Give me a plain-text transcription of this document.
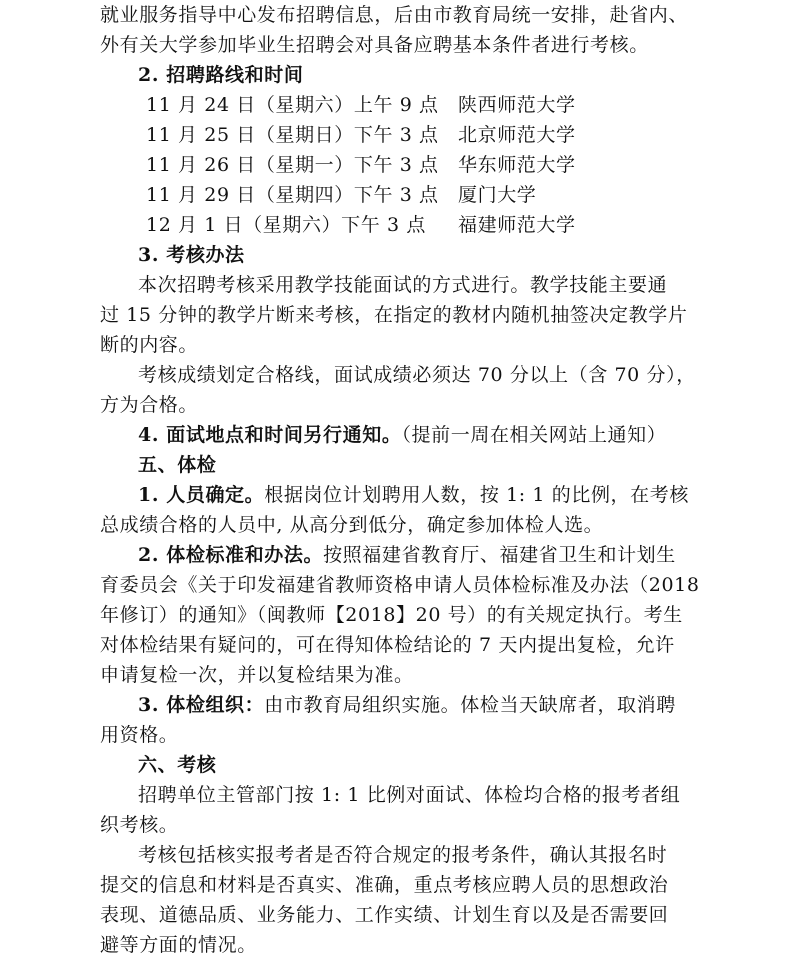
就业服务指导中心发布招聘信息，后由市教育局统一安排，赴省内、
外有关大学参加毕业生招聘会对具备应聘基本条件者进行考核。
2. 招聘路线和时间
11 月 24 日（星期六）上午 9 点	陕西师范大学
11 月 25 日（星期日）下午 3 点	北京师范大学
11 月 26 日（星期一）下午 3 点	华东师范大学
11 月 29 日（星期四）下午 3 点	厦门大学
12 月 1 日（星期六）下午 3 点	福建师范大学
3. 考核办法
本次招聘考核采用教学技能面试的方式进行。教学技能主要通
过 15 分钟的教学片断来考核，在指定的教材内随机抽签决定教学片
断的内容。
考核成绩划定合格线，面试成绩必须达 70 分以上（含 70 分），
方为合格。
4. 面试地点和时间另行通知。（提前一周在相关网站上通知）
五、体检
1. 人员确定。根据岗位计划聘用人数，按 1: 1 的比例，在考核
总成绩合格的人员中, 从高分到低分，确定参加体检人选。
2. 体检标准和办法。按照福建省教育厅、福建省卫生和计划生
育委员会《关于印发福建省教师资格申请人员体检标准及办法（2018
年修订）的通知》（闽教师【2018】20 号）的有关规定执行。考生
对体检结果有疑问的，可在得知体检结论的 7 天内提出复检，允许
申请复检一次，并以复检结果为准。
3. 体检组织：由市教育局组织实施。体检当天缺席者，取消聘
用资格。
六、考核
招聘单位主管部门按 1: 1 比例对面试、体检均合格的报考者组
织考核。
考核包括核实报考者是否符合规定的报考条件，确认其报名时
提交的信息和材料是否真实、准确，重点考核应聘人员的思想政治
表现、道德品质、业务能力、工作实绩、计划生育以及是否需要回
避等方面的情况。
